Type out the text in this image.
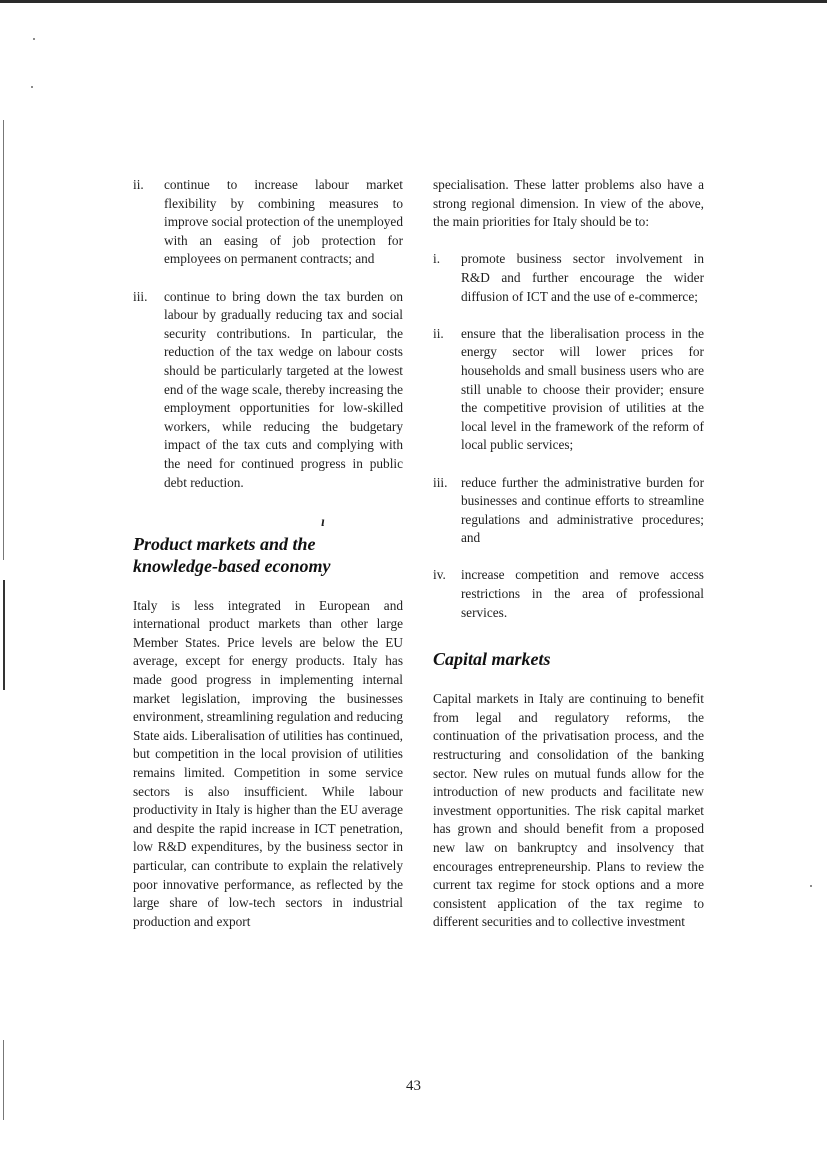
ii.	continue to increase labour market flexibility by combining measures to improve social protection of the unemployed with an easing of job protection for employees on permanent contracts; and
iii.	continue to bring down the tax burden on labour by gradually reducing tax and social security contributions. In particular, the reduction of the tax wedge on labour costs should be particularly targeted at the lowest end of the wage scale, thereby increasing the employment opportunities for low-skilled workers, while reducing the budgetary impact of the tax cuts and complying with the need for continued progress in public debt reduction.
ı
Product markets and the
knowledge-based economy

Italy is less integrated in European and international product markets than other large Member States. Price levels are below the EU average, except for energy products. Italy has made good progress in implementing internal market legislation, improving the businesses environment, streamlining regulation and reducing State aids. Liberalisation of utilities has continued, but competition in the local provision of utilities remains limited. Competition in some service sectors is also insufficient. While labour productivity in Italy is higher than the EU average and despite the rapid increase in ICT penetration, low R&D expenditures, by the business sector in particular, can contribute to explain the relatively poor innovative performance, as reflected by the large share of low-tech sectors in industrial production and export

specialisation. These latter problems also have a strong regional dimension. In view of the above, the main priorities for Italy should be to:

i.	promote business sector involvement in R&D and further encourage the wider diffusion of ICT and the use of e-commerce;
ii.	ensure that the liberalisation process in the energy sector will lower prices for households and small business users who are still unable to choose their provider; ensure the competitive provision of utilities at the local level in the framework of the reform of local public services;
iii.	reduce further the administrative burden for businesses and continue efforts to streamline regulations and administrative procedures; and
iv.	increase competition and remove access restrictions in the area of professional services.
Capital markets

Capital markets in Italy are continuing to benefit from legal and regulatory reforms, the continuation of the privatisation process, and the restructuring and consolidation of the banking sector. New rules on mutual funds allow for the introduction of new products and facilitate new investment opportunities. The risk capital market has grown and should benefit from a proposed new law on bankruptcy and insolvency that encourages entrepreneurship. Plans to review the current tax regime for stock options and a more consistent application of the tax regime to different securities and to collective investment

43
